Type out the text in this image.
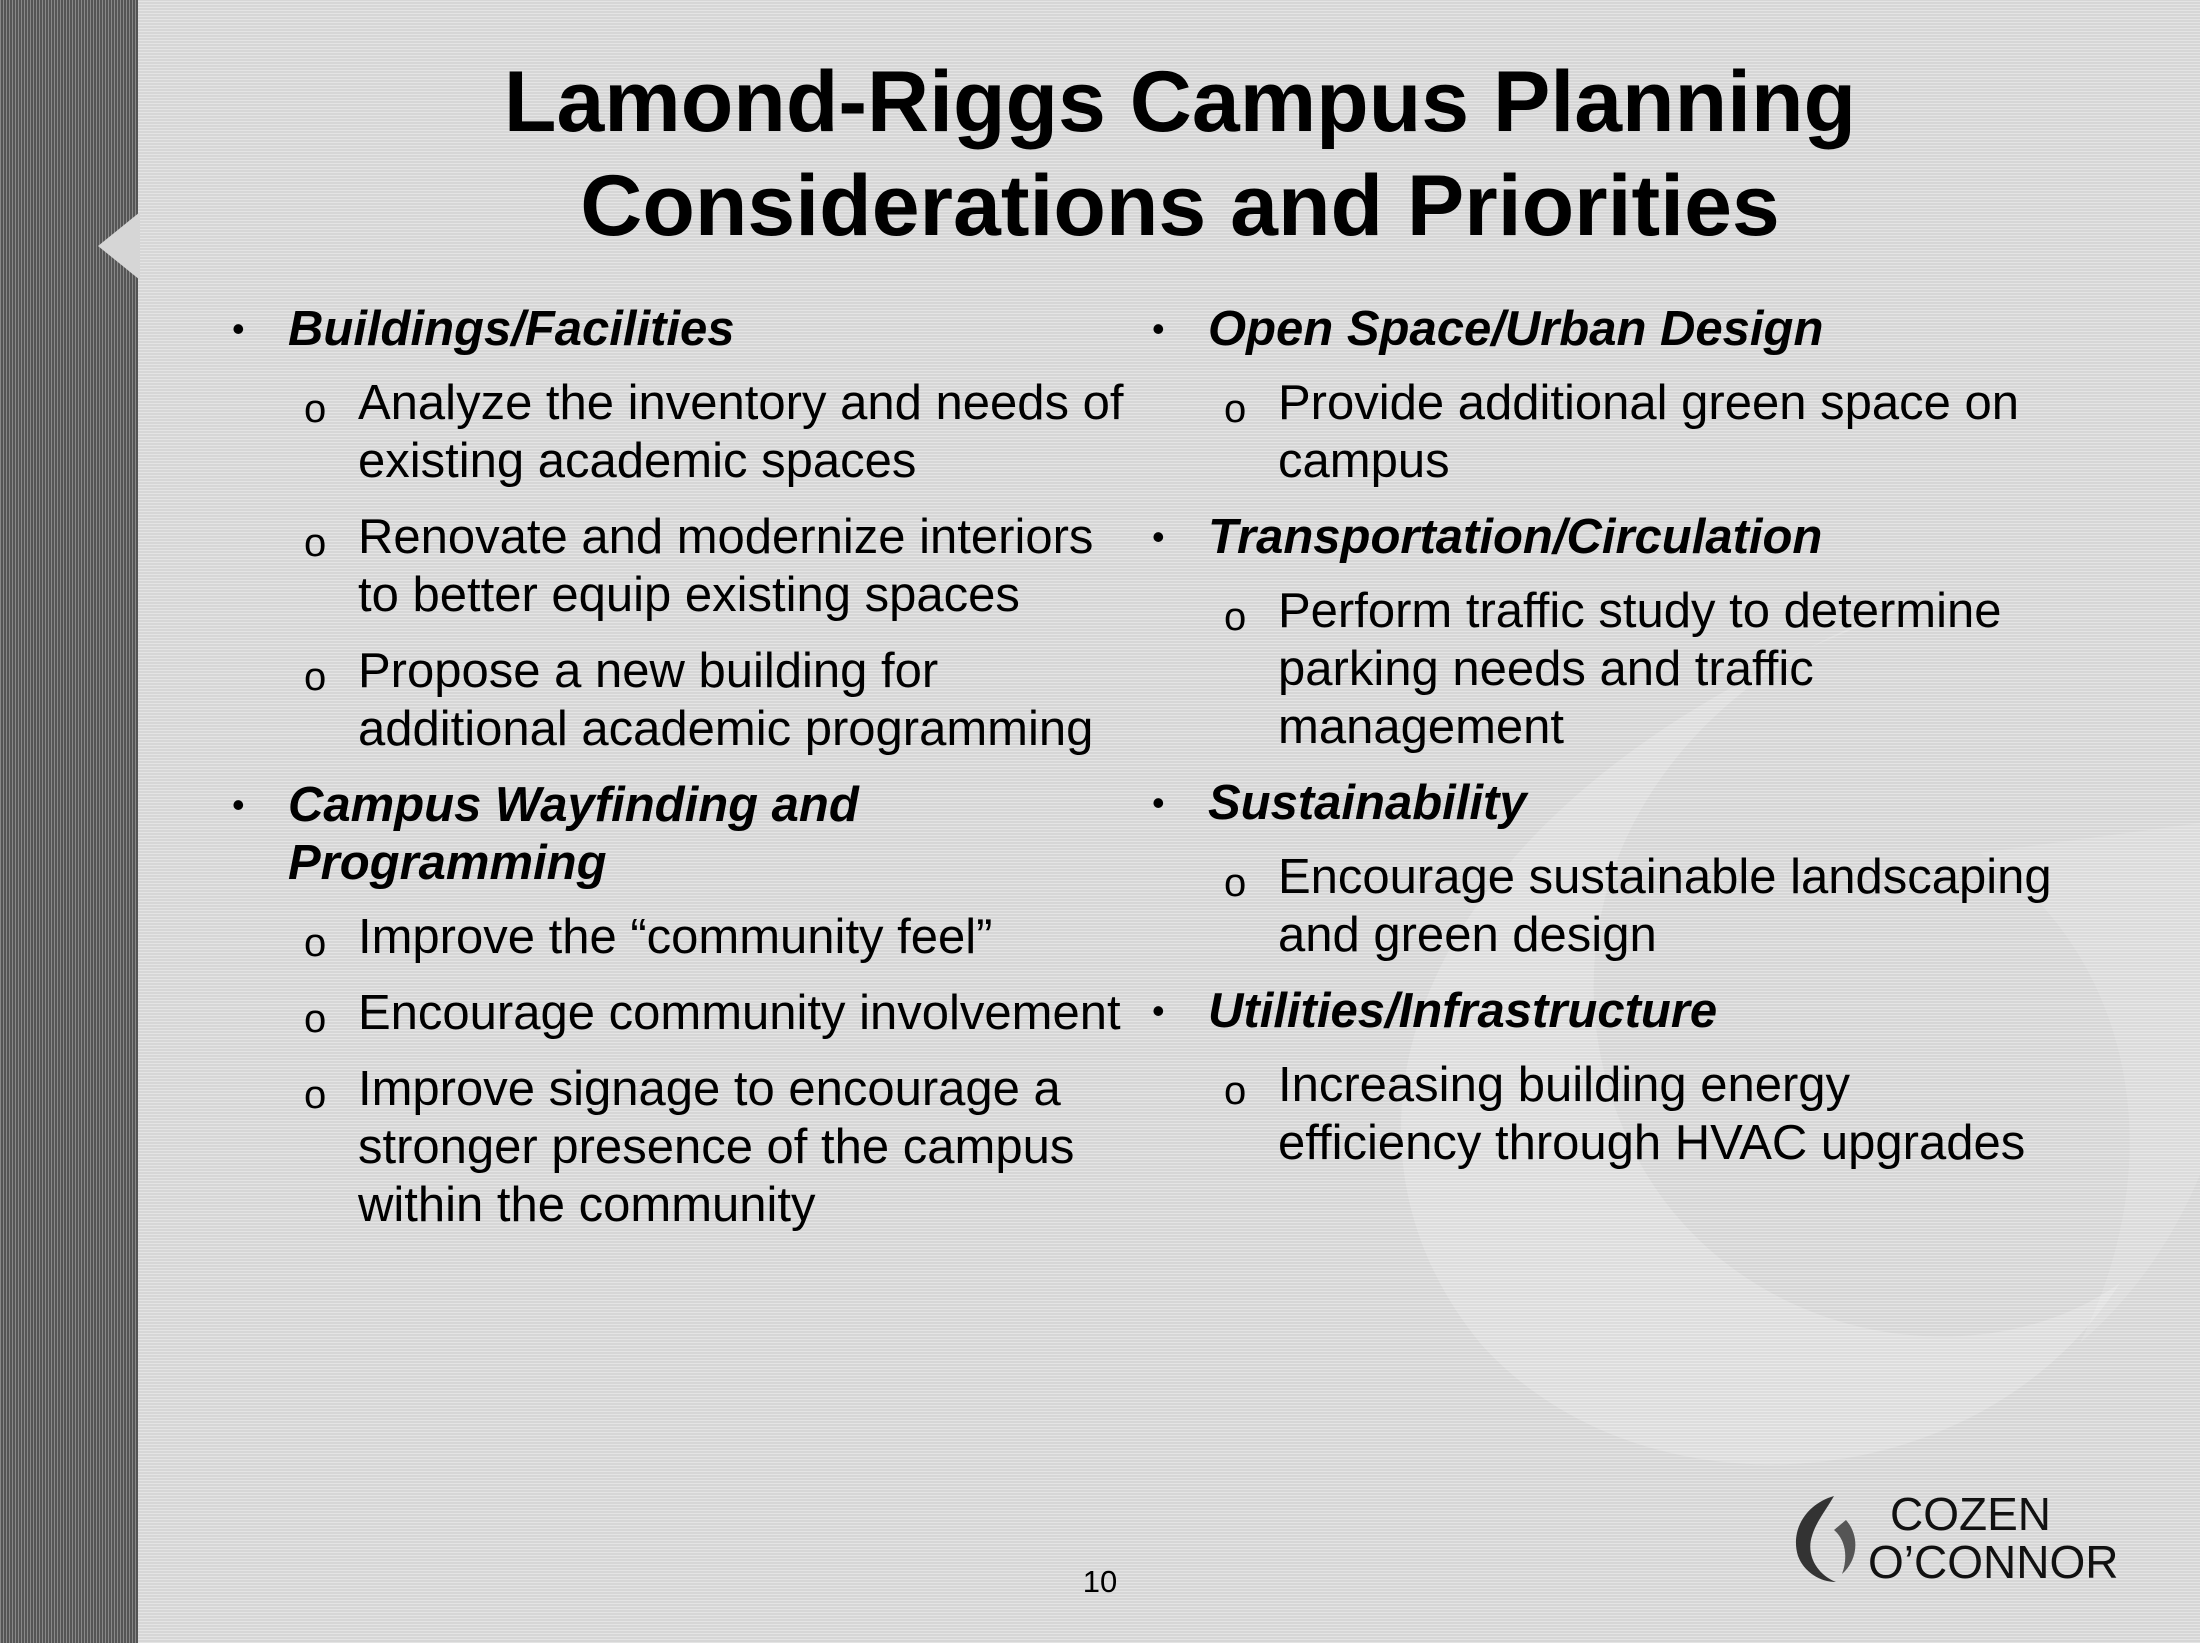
Lamond-Riggs Campus Planning
Considerations and Priorities
• Buildings/Facilities
o Analyze the inventory and needs of
existing academic spaces
o Renovate and modernize interiors
to better equip existing spaces
o Propose a new building for
additional academic programming
• Campus Wayfinding and
Programming
o Improve the “community feel”
o Encourage community involvement
o Improve signage to encourage a
stronger presence of the campus
within the community
• Open Space/Urban Design
o Provide additional green space on
campus
• Transportation/Circulation
o Perform traffic study to determine
parking needs and traffic
management
• Sustainability
o Encourage sustainable landscaping
and green design
• Utilities/Infrastructure
o Increasing building energy
efficiency through HVAC upgrades
10
COZEN
O’CONNOR
